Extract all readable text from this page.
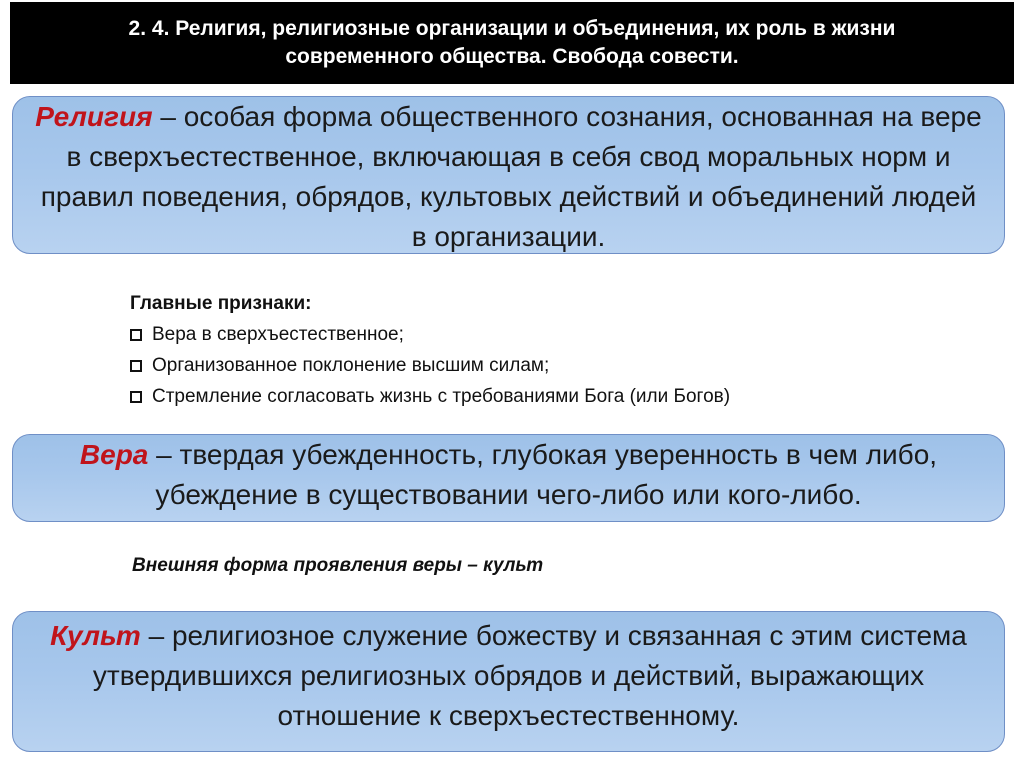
2. 4. Религия, религиозные организации и объединения, их роль в жизни
современного общества. Свобода совести.
Религия – особая форма общественного сознания, основанная на вере в сверхъестественное, включающая в себя свод моральных норм и правил поведения, обрядов, культовых действий и объединений людей в организации.
Главные признаки:
Вера в сверхъестественное;
Организованное поклонение высшим силам;
Стремление согласовать жизнь с требованиями Бога (или Богов)
Вера – твердая убежденность, глубокая уверенность в чем либо, убеждение в существовании чего-либо или кого-либо.
Внешняя форма проявления веры – культ
Культ – религиозное служение божеству и связанная с этим система утвердившихся религиозных обрядов и действий, выражающих отношение к сверхъестественному.
